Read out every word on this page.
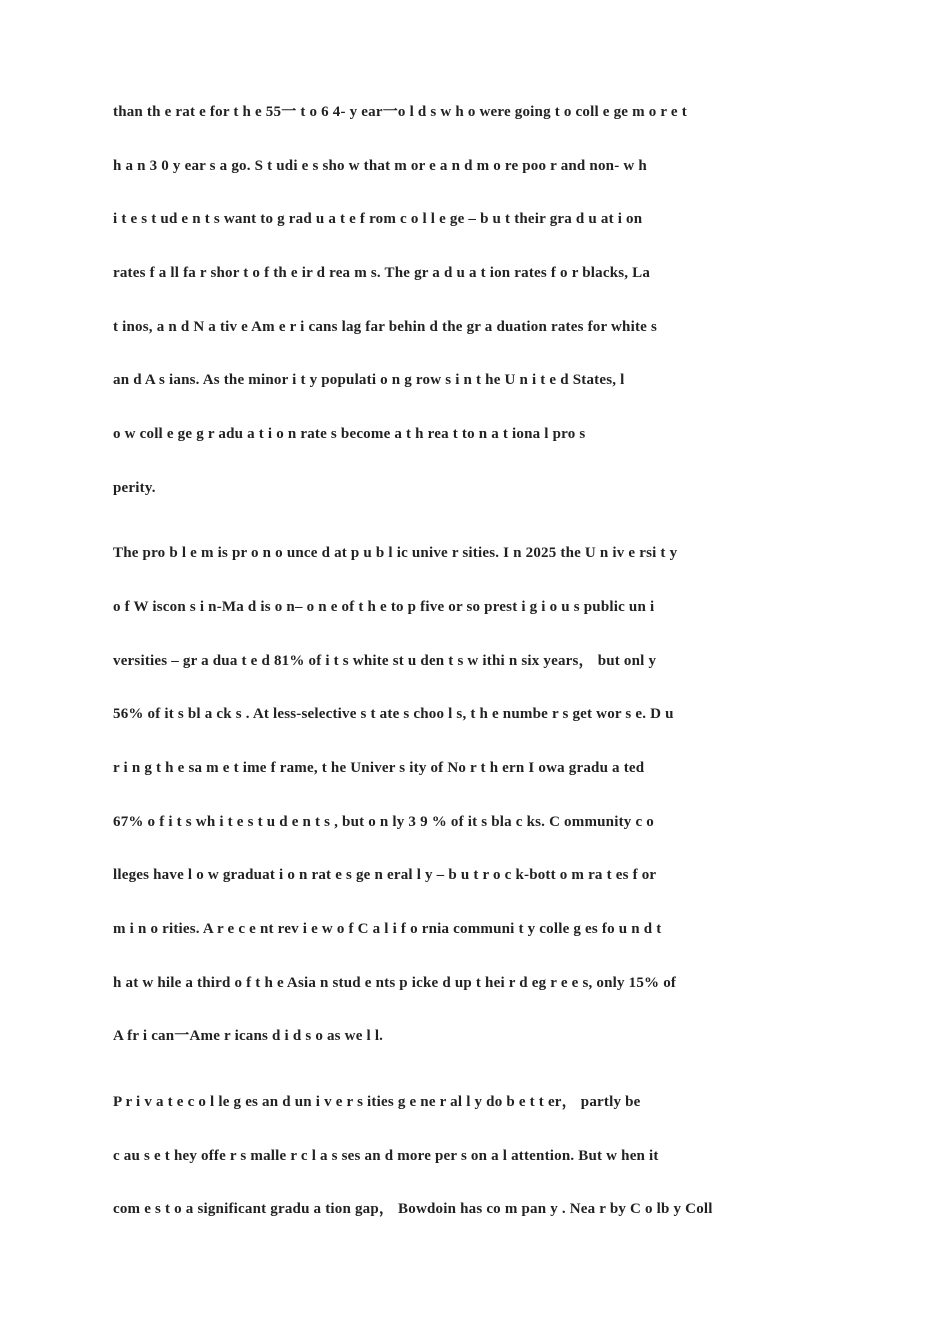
than th e rat e for t h e 55一 t o 6 4- y ear一o l d s w h o were going t o coll e ge m o r e t
h a n 3 0 y ear s a go. S t udi e s sho w that m or e a n d m o re poo r and non- w h
i t e s t ud e n t s want to g rad u a t e f rom c o l l e ge – b u t their gra d u at i on
rates f a ll fa r shor t o f th e ir d rea m s. The gr a d u a t ion rates f o r blacks, La
t inos, a n d N a tiv e Am e r i cans lag far behin d the gr a duation rates for white s
an d A s ians. As the minor i t y populati o n g row s i n t he U n i t e d States, l
o w coll e ge g r adu a t i o n rate s become a t h rea t to n a t iona l pro s
perity.
The pro b l e m is pr o n o unce d at p u b l ic unive r sities. I n 2025 the U n iv e rsi t y
o f W iscon s i n-Ma d is o n– o n e of t h e to p five or so prest i g i o u s public un i
versities – gr a dua t e d 81% of i t s white st u den t s w ithi n six years， but onl y
56% of it s bl a ck s . At less-selective s t ate s choo l s, t h e numbe r s get wor s e. D u
r i n g t h e sa m e t ime f rame, t he Univer s ity of No r t h ern I owa gradu a ted
67% o f i t s wh i t e s t u d e n t s , but o n ly 3 9 % of it s bla c ks. C ommunity c o
lleges have l o w graduat i o n rat e s ge n eral l y – b u t r o c k-bott o m ra t es f or
m i n o rities. A r e c e nt rev i e w o f C a l i f o rnia communi t y colle g es fo u n d t
h at w hile a third o f t h e Asia n stud e nts p icke d up t hei r d eg r e e s, only 15% of
A fr i can一Ame r icans d i d s o as we l l.
P r i v a t e c o l le g es an d un i v e r s ities g e ne r al l y do b e t t er， partly be
c au s e t hey offe r s malle r c l a s ses an d more per s on a l attention. But w hen it
com e s t o a significant gradu a tion gap， Bowdoin has co m pan y . Nea r by C o lb y Coll
